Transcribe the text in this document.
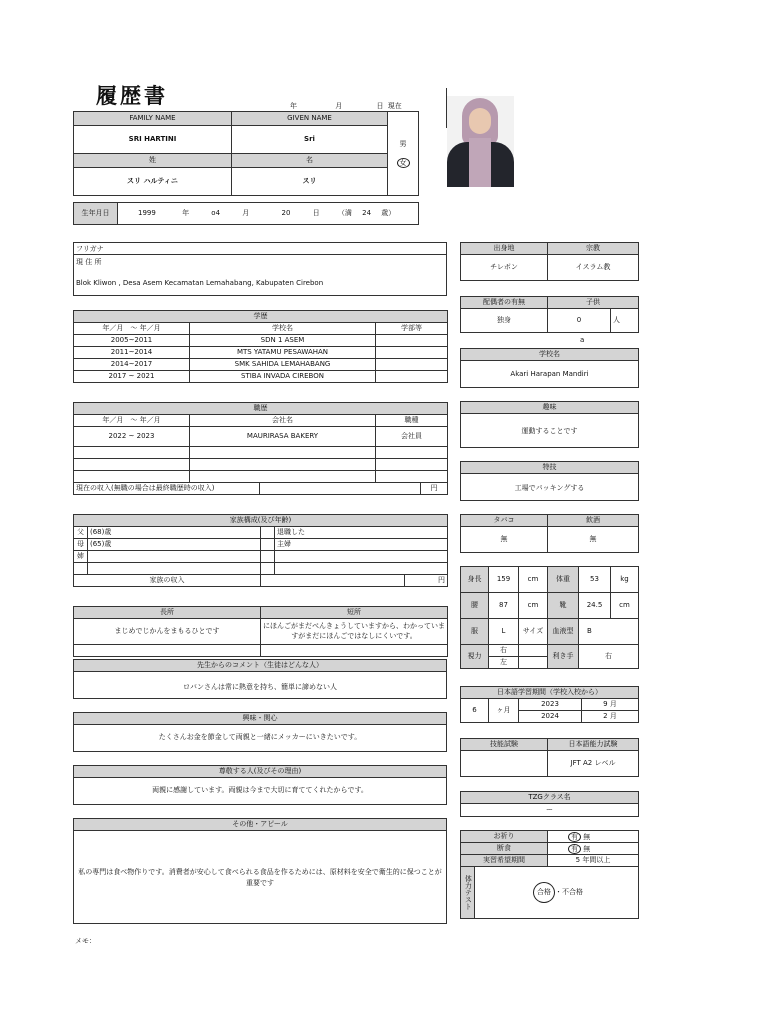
履歴書	年	月	日 現在
FAMILY NAME	GIVEN NAME	男
女

SRI HARTINI	Sri	
姓	名	
スリ ハルティニ	スリ	
生年月日	1999	年	o4	月	20	日	（満 24 歳）
フリガナ
現 住 所
Blok Kliwon , Desa Asem Kecamatan Lemahabang, Kabupaten Cirebon
学歴		
年／月　～ 年／月	学校名	学部等
2005~2011	SDN 1 ASEM	
2011~2014	MTS YATAMU PESAWAHAN	
2014~2017	SMK SAHIDA LEMAHABANG	
2017 ~ 2021	STIBA INVADA CIREBON	
職歴				
年／月　～ 年／月	会社名		職種	
2022 ~ 2023	MAURIRASA BAKERY		会社員	

現在の収入(無職の場合は最終職歴時の収入)				円
家族構成(及び年齢)				
父	(68)歳		退職した	
母	(65)歳		主婦	
姉				

家族の収入				円
長所	短所
まじめでじかんをまもるひとです	にほんごがまだべんきょうしていますから、わかっていますがまだにほんごではなしにくいです。

先生からのコメント（生徒はどんな人）
ロバンさんは常に熱意を持ち、簡単に諦めない人
興味・関心
たくさんお金を節金して両親と一緒にメッカーにいきたいです。
尊敬する人(及びその理由)
両親に感謝しています。両親は今まで大切に育ててくれたからです。
その他・アピール
私の専門は食べ物作りです。消費者が安心して食べられる食品を作るためには、原材料を安全で衛生的に保つことが重要です
メモ：
出身地	宗教
チレボン	イスラム教
配偶者の有無	子供	
独身	0	人
a
学校名
Akari Harapan Mandiri
趣味
運動することです
特技
工場でパッキングする
タバコ	飲酒
無	無
身長	159	cm	体重	53	kg
腰	87	cm	靴	24.5	cm
服	L	サイズ	血液型	B	
視力	右		利き手	右	
	左				
日本語学習期間（学校入校から）			
6	ヶ月	2023	9 月
		2024	2 月
技能試験	日本語能力試験
	JFT A2 レベル
TZGクラス名
ー
お祈り		有 無
断食		有 無
実習希望期間		5 年間以上
体力テスト	合格 ・不合格	
